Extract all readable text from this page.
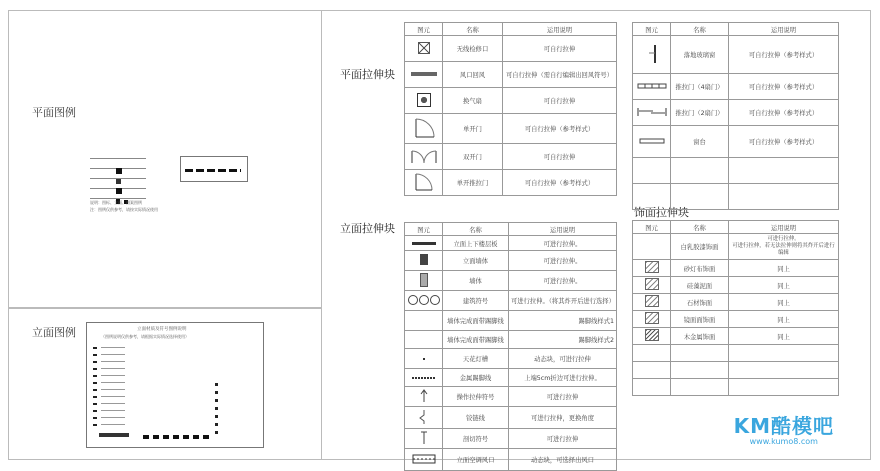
平面图例
立面图例
说明：图标、立面、图案图例
注：图例仅供参考，请按实际情况使用
立面材质及符号图例说明
（图例说明仅供参考，请根据实际情况选择使用）
平面拉伸块
立面拉伸块
饰面拉伸块
图元	名称	运用说明
	无线检修口	可自行拉伸
	风口回风	可自行拉伸（需自行编辑出回风符号）
	换气扇	可自行拉伸
	单开门	可自行拉伸（参考样式）
	双开门	可自行拉伸
	单开推拉门	可自行拉伸（参考样式）
图元	名称	运用说明
	落地玻璃窗	可自行拉伸（参考样式）
	推拉门（4扇门）	可自行拉伸（参考样式）
	推拉门（2扇门）	可自行拉伸（参考样式）
	窗台	可自行拉伸（参考样式）

图元	名称	运用说明
	立面上下楼层板	可进行拉伸。
	立面墙体	可进行拉伸。
	墙体	可进行拉伸。
	建筑符号	可进行拉伸。（将其炸开后进行选择）
	墙体完成面带踢脚线	踢脚线样式1
	墙体完成面带踢脚线	踢脚线样式2
	天花灯槽	动态块，可进行拉伸
	金属踢脚线	上端5cm折边可进行拉伸。
	操作拉伸符号	可进行拉伸
	铰链线	可进行拉伸，更换角度
	剖切符号	可进行拉伸
	立面空调风口	动态块，可选择出风口
图元	名称	运用说明
	白乳胶漆饰面	可进行拉伸。
可进行拉伸，若无法拉伸则将其炸开后进行编辑
	砂灯布饰面	同上
	硅藻泥面	同上
	石材饰面	同上
	镜面面饰面	同上
	木金属饰面	同上

KM酷模吧
www.kumo8.com
